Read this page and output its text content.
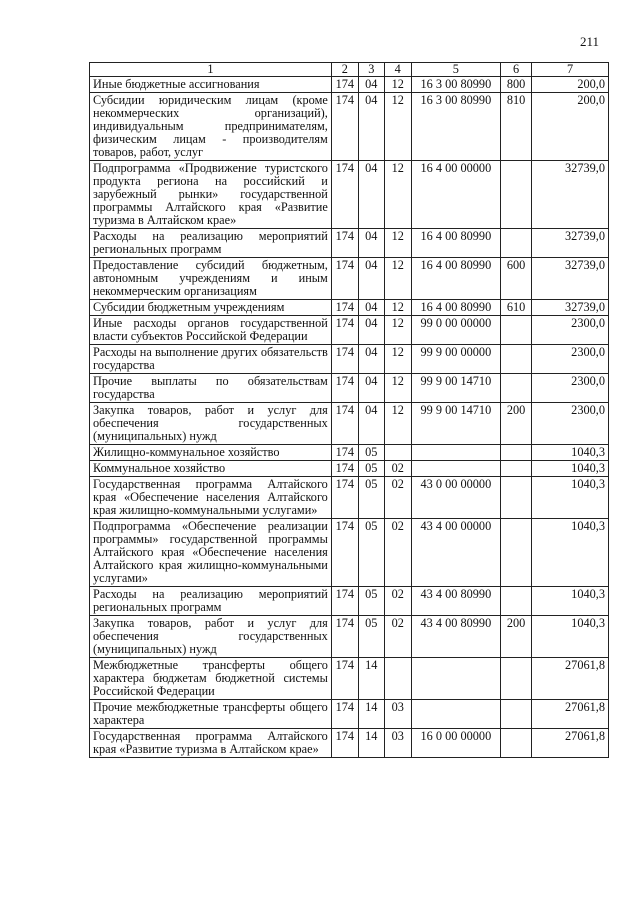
211
1	2	3	4	5	6	7
Иные бюджетные ассигнования	174	04	12	16 3 00 80990	800	200,0
Субсидии юридическим лицам (кроме некоммерческих организаций), индивидуальным предпринимателям, физическим лицам - производителям товаров, работ, услуг	174	04	12	16 3 00 80990	810	200,0
Подпрограмма «Продвижение туристского продукта региона на российский и зарубежный рынки» государственной программы Алтайского края «Развитие туризма в Алтайском крае»	174	04	12	16 4 00 00000		32739,0
Расходы на реализацию мероприятий региональных программ	174	04	12	16 4 00 80990		32739,0
Предоставление субсидий бюджетным, автономным учреждениям и иным некоммерческим организациям	174	04	12	16 4 00 80990	600	32739,0
Субсидии бюджетным учреждениям	174	04	12	16 4 00 80990	610	32739,0
Иные расходы органов государственной власти субъектов Российской Федерации	174	04	12	99 0 00 00000		2300,0
Расходы на выполнение других обязательств государства	174	04	12	99 9 00 00000		2300,0
Прочие выплаты по обязательствам государства	174	04	12	99 9 00 14710		2300,0
Закупка товаров, работ и услуг для обеспечения государственных (муниципальных) нужд	174	04	12	99 9 00 14710	200	2300,0
Жилищно-коммунальное хозяйство	174	05				1040,3
Коммунальное хозяйство	174	05	02			1040,3
Государственная программа Алтайского края «Обеспечение населения Алтайского края жилищно-коммунальными услугами»	174	05	02	43 0 00 00000		1040,3
Подпрограмма «Обеспечение реализации программы» государственной программы Алтайского края «Обеспечение населения Алтайского края жилищно-коммунальными услугами»	174	05	02	43 4 00 00000		1040,3
Расходы на реализацию мероприятий региональных программ	174	05	02	43 4 00 80990		1040,3
Закупка товаров, работ и услуг для обеспечения государственных (муниципальных) нужд	174	05	02	43 4 00 80990	200	1040,3
Межбюджетные трансферты общего характера бюджетам бюджетной системы Российской Федерации	174	14				27061,8
Прочие межбюджетные трансферты общего характера	174	14	03			27061,8
Государственная программа Алтайского края «Развитие туризма в Алтайском крае»	174	14	03	16 0 00 00000		27061,8
